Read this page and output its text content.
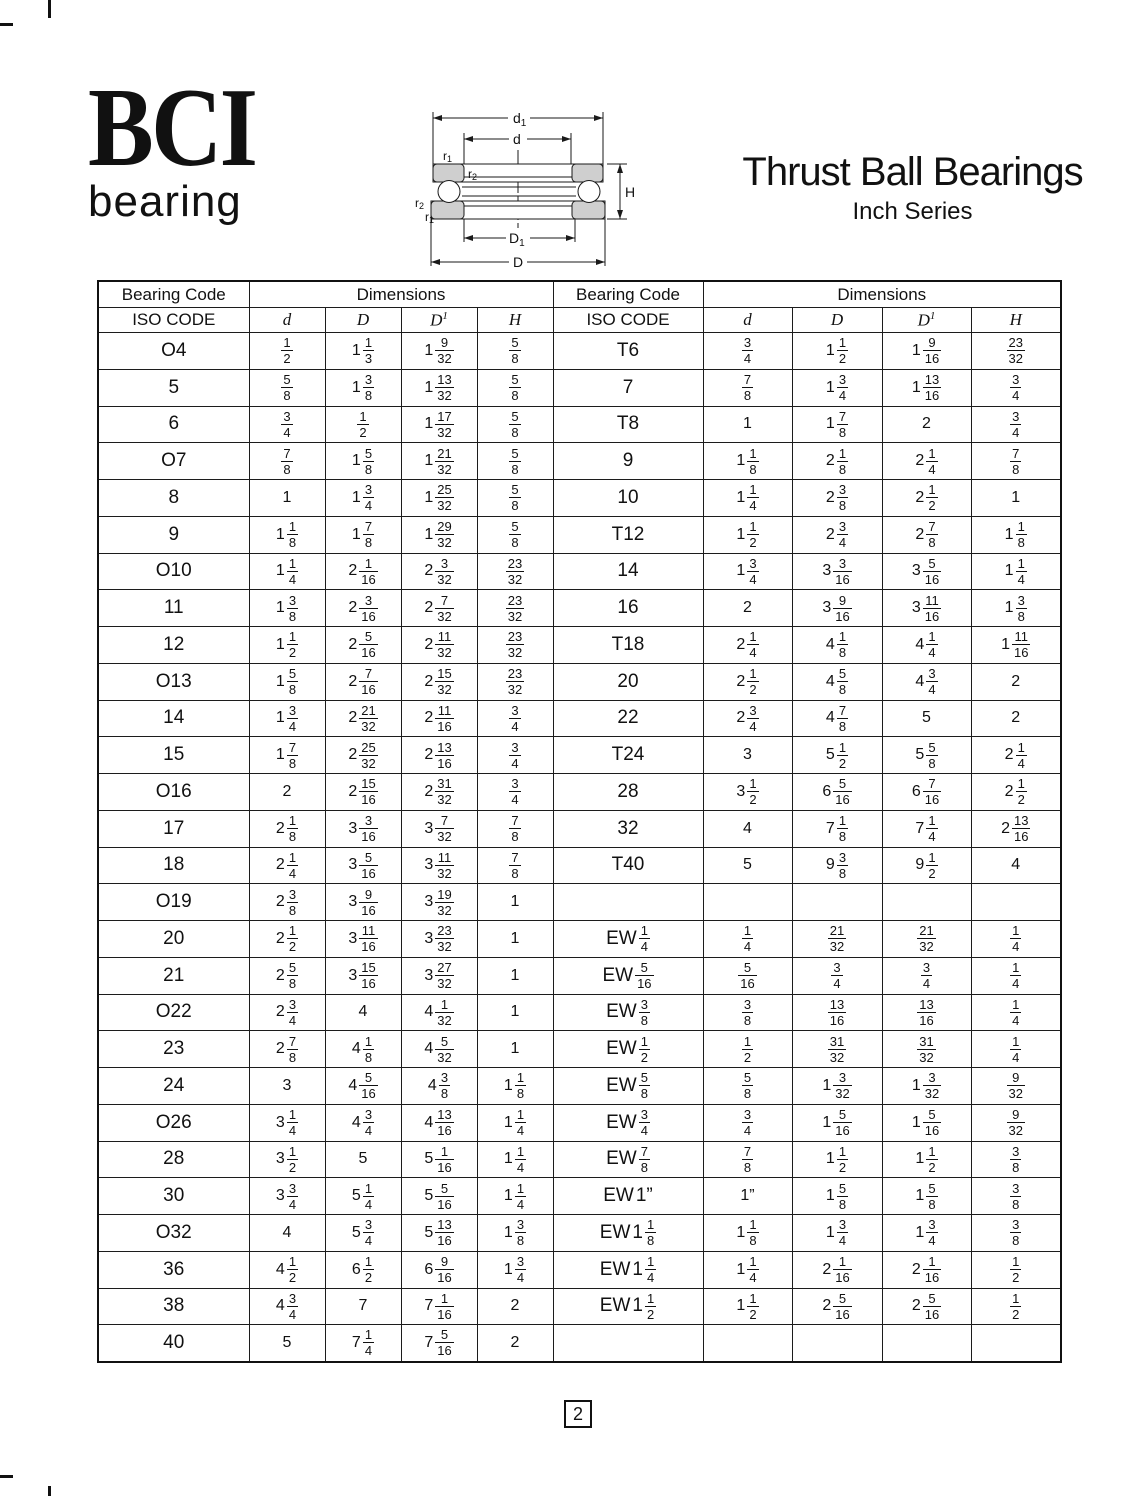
BCI
bearing
$d_1$
d
r1
r2
r2
r1
H
$D_1$
D
Thrust Ball Bearings
Inch Series
Bearing Code	Dimensions				Bearing Code	Dimensions			
ISO CODE	d	D	$D^1$	H	ISO CODE	d	D	$D^1$	H
O4	$\frac{1}{2}$	$1 \frac{1}{3}$	$1 \frac{9}{32}$	$\frac{5}{8}$	T6	$\frac{3}{4}$	$1 \frac{1}{2}$	$1 \frac{9}{16}$	$\frac{23}{32}$

5	$\frac{5}{8}$	$1 \frac{3}{8}$	$1 \frac{13}{32}$	$\frac{5}{8}$	7	$\frac{7}{8}$	$1 \frac{3}{4}$	$1 \frac{13}{16}$	$\frac{3}{4}$

6	$\frac{3}{4}$	$\frac{1}{2}$	$1 \frac{17}{32}$	$\frac{5}{8}$	T8	1	$1 \frac{7}{8}$	2	$\frac{3}{4}$

O7	$\frac{7}{8}$	$1 \frac{5}{8}$	$1 \frac{21}{32}$	$\frac{5}{8}$	9	$1 \frac{1}{8}$	$2 \frac{1}{8}$	$2 \frac{1}{4}$	$\frac{7}{8}$

8	1	$1 \frac{3}{4}$	$1 \frac{25}{32}$	$\frac{5}{8}$	10	$1 \frac{1}{4}$	$2 \frac{3}{8}$	$2 \frac{1}{2}$	1
9	$1 \frac{1}{8}$	$1 \frac{7}{8}$	$1 \frac{29}{32}$	$\frac{5}{8}$	T12	$1 \frac{1}{2}$	$2 \frac{3}{4}$	$2 \frac{7}{8}$	$1 \frac{1}{8}$

O10	$1 \frac{1}{4}$	$2 \frac{1}{16}$	$2 \frac{3}{32}$	$\frac{23}{32}$	14	$1 \frac{3}{4}$	$3 \frac{3}{16}$	$3 \frac{5}{16}$	$1 \frac{1}{4}$

11	$1 \frac{3}{8}$	$2 \frac{3}{16}$	$2 \frac{7}{32}$	$\frac{23}{32}$	16	2	$3 \frac{9}{16}$	$3 \frac{11}{16}$	$1 \frac{3}{8}$

12	$1 \frac{1}{2}$	$2 \frac{5}{16}$	$2 \frac{11}{32}$	$\frac{23}{32}$	T18	$2 \frac{1}{4}$	$4 \frac{1}{8}$	$4 \frac{1}{4}$	$1 \frac{11}{16}$

O13	$1 \frac{5}{8}$	$2 \frac{7}{16}$	$2 \frac{15}{32}$	$\frac{23}{32}$	20	$2 \frac{1}{2}$	$4 \frac{5}{8}$	$4 \frac{3}{4}$	2
14	$1 \frac{3}{4}$	$2 \frac{21}{32}$	$2 \frac{11}{16}$	$\frac{3}{4}$	22	$2 \frac{3}{4}$	$4 \frac{7}{8}$	5	2
15	$1 \frac{7}{8}$	$2 \frac{25}{32}$	$2 \frac{13}{16}$	$\frac{3}{4}$	T24	3	$5 \frac{1}{2}$	$5 \frac{5}{8}$	$2 \frac{1}{4}$

O16	2	$2 \frac{15}{16}$	$2 \frac{31}{32}$	$\frac{3}{4}$	28	$3 \frac{1}{2}$	$6 \frac{5}{16}$	$6 \frac{7}{16}$	$2 \frac{1}{2}$

17	$2 \frac{1}{8}$	$3 \frac{3}{16}$	$3 \frac{7}{32}$	$\frac{7}{8}$	32	4	$7 \frac{1}{8}$	$7 \frac{1}{4}$	$2 \frac{13}{16}$

18	$2 \frac{1}{4}$	$3 \frac{5}{16}$	$3 \frac{11}{32}$	$\frac{7}{8}$	T40	5	$9 \frac{3}{8}$	$9 \frac{1}{2}$	4
O19	$2 \frac{3}{8}$	$3 \frac{9}{16}$	$3 \frac{19}{32}$	1					
20	$2 \frac{1}{2}$	$3 \frac{11}{16}$	$3 \frac{23}{32}$	1	EW $\frac{1}{4}$	$\frac{1}{4}$	$\frac{21}{32}$	$\frac{21}{32}$	$\frac{1}{4}$

21	$2 \frac{5}{8}$	$3 \frac{15}{16}$	$3 \frac{27}{32}$	1	EW $\frac{5}{16}$	$\frac{5}{16}$	$\frac{3}{4}$	$\frac{3}{4}$	$\frac{1}{4}$

O22	$2 \frac{3}{4}$	4	$4 \frac{1}{32}$	1	EW $\frac{3}{8}$	$\frac{3}{8}$	$\frac{13}{16}$	$\frac{13}{16}$	$\frac{1}{4}$

23	$2 \frac{7}{8}$	$4 \frac{1}{8}$	$4 \frac{5}{32}$	1	EW $\frac{1}{2}$	$\frac{1}{2}$	$\frac{31}{32}$	$\frac{31}{32}$	$\frac{1}{4}$

24	3	$4 \frac{5}{16}$	$4 \frac{3}{8}$	$1 \frac{1}{8}$	EW $\frac{5}{8}$	$\frac{5}{8}$	$1 \frac{3}{32}$	$1 \frac{3}{32}$	$\frac{9}{32}$

O26	$3 \frac{1}{4}$	$4 \frac{3}{4}$	$4 \frac{13}{16}$	$1 \frac{1}{4}$	EW $\frac{3}{4}$	$\frac{3}{4}$	$1 \frac{5}{16}$	$1 \frac{5}{16}$	$\frac{9}{32}$

28	$3 \frac{1}{2}$	5	$5 \frac{1}{16}$	$1 \frac{1}{4}$	EW $\frac{7}{8}$	$\frac{7}{8}$	$1 \frac{1}{2}$	$1 \frac{1}{2}$	$\frac{3}{8}$

30	$3 \frac{3}{4}$	$5 \frac{1}{4}$	$5 \frac{5}{16}$	$1 \frac{1}{4}$	EW 1”	1”	$1 \frac{5}{8}$	$1 \frac{5}{8}$	$\frac{3}{8}$

O32	4	$5 \frac{3}{4}$	$5 \frac{13}{16}$	$1 \frac{3}{8}$	EW $1 \frac{1}{8}$	$1 \frac{1}{8}$	$1 \frac{3}{4}$	$1 \frac{3}{4}$	$\frac{3}{8}$

36	$4 \frac{1}{2}$	$6 \frac{1}{2}$	$6 \frac{9}{16}$	$1 \frac{3}{4}$	EW $1 \frac{1}{4}$	$1 \frac{1}{4}$	$2 \frac{1}{16}$	$2 \frac{1}{16}$	$\frac{1}{2}$

38	$4 \frac{3}{4}$	7	$7 \frac{1}{16}$	2	EW $1 \frac{1}{2}$	$1 \frac{1}{2}$	$2 \frac{5}{16}$	$2 \frac{5}{16}$	$\frac{1}{2}$

40	5	$7 \frac{1}{4}$	$7 \frac{5}{16}$	2					
2
